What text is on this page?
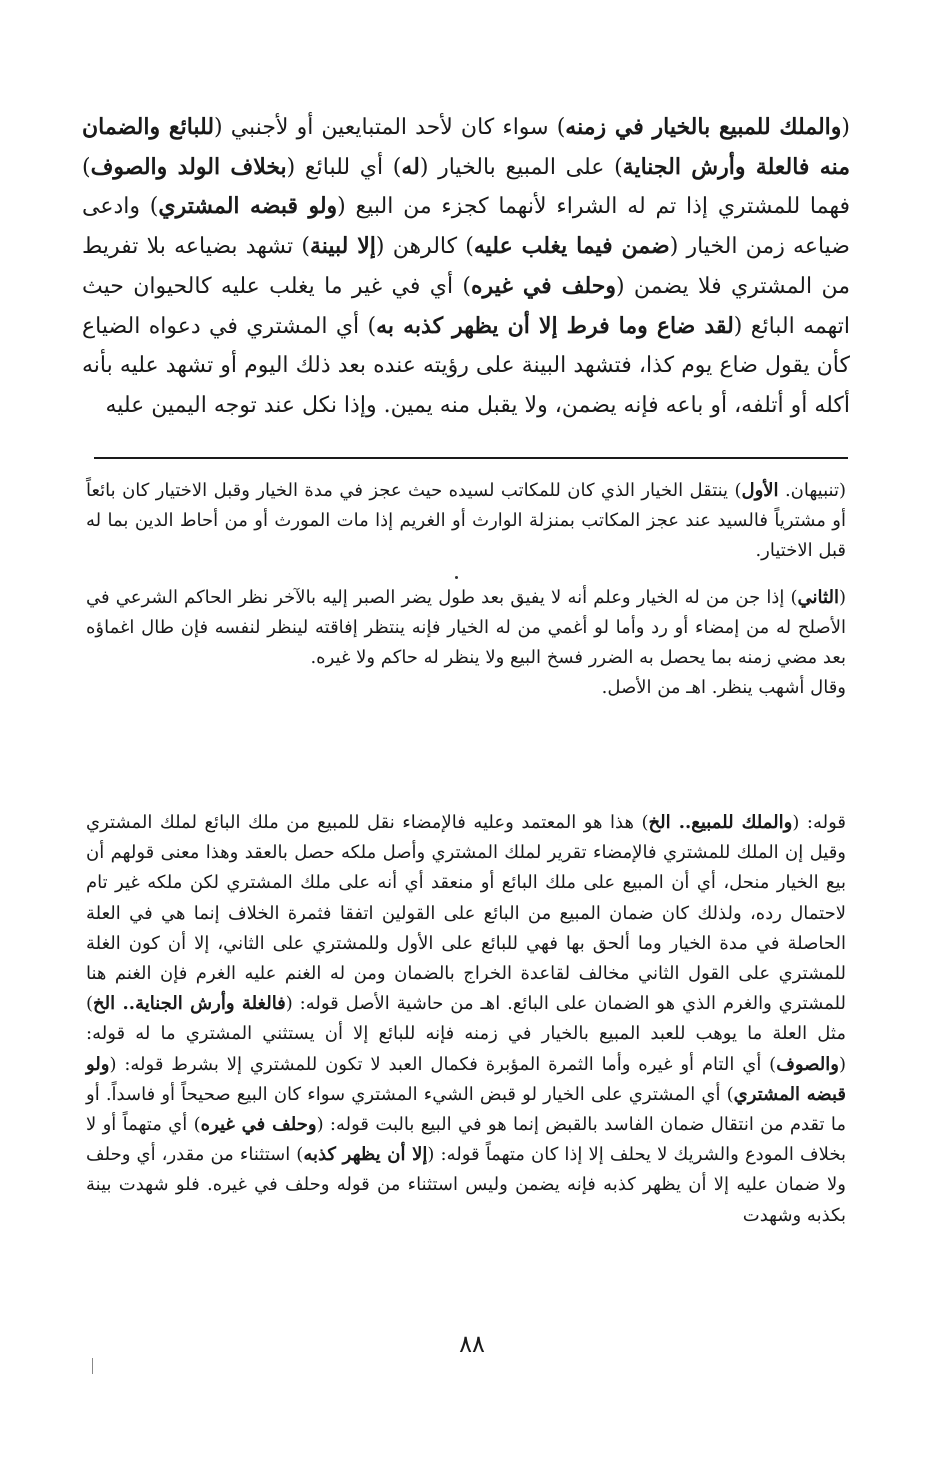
(والملك للمبيع بالخيار في زمنه) سواء كان لأحد المتبايعين أو لأجنبي (للبائع والضمان منه فالعلة وأرش الجناية) على المبيع بالخيار (له) أي للبائع (بخلاف الولد والصوف) فهما للمشتري إذا تم له الشراء لأنهما كجزء من البيع (ولو قبضه المشتري) وادعى ضياعه زمن الخيار (ضمن فيما يغلب عليه) كالرهن (إلا لبينة) تشهد بضياعه بلا تفريط من المشتري فلا يضمن (وحلف في غيره) أي في غير ما يغلب عليه كالحيوان حيث اتهمه البائع (لقد ضاع وما فرط إلا أن يظهر كذبه به) أي المشتري في دعواه الضياع كأن يقول ضاع يوم كذا، فتشهد البينة على رؤيته عنده بعد ذلك اليوم أو تشهد عليه بأنه أكله أو أتلفه، أو باعه فإنه يضمن، ولا يقبل منه يمين. وإذا نكل عند توجه اليمين عليه

(تنبيهان. الأول) ينتقل الخيار الذي كان للمكاتب لسيده حيث عجز في مدة الخيار وقبل الاختيار كان بائعاً أو مشترياً فالسيد عند عجز المكاتب بمنزلة الوارث أو الغريم إذا مات المورث أو من أحاط الدين بما له قبل الاختيار.

(الثاني) إذا جن من له الخيار وعلم أنه لا يفيق بعد طول يضر الصبر إليه بالآخر نظر الحاكم الشرعي في الأصلح له من إمضاء أو رد وأما لو أغمي من له الخيار فإنه ينتظر إفاقته لينظر لنفسه فإن طال اغماؤه بعد مضي زمنه بما يحصل به الضرر فسخ البيع ولا ينظر له حاكم ولا غيره.
وقال أشهب ينظر. اهـ من الأصل.

قوله: (والملك للمبيع.. الخ) هذا هو المعتمد وعليه فالإمضاء نقل للمبيع من ملك البائع لملك المشتري وقيل إن الملك للمشتري فالإمضاء تقرير لملك المشتري وأصل ملكه حصل بالعقد وهذا معنى قولهم أن بيع الخيار منحل، أي أن المبيع على ملك البائع أو منعقد أي أنه على ملك المشتري لكن ملكه غير تام لاحتمال رده، ولذلك كان ضمان المبيع من البائع على القولين اتفقا فثمرة الخلاف إنما هي في العلة الحاصلة في مدة الخيار وما ألحق بها فهي للبائع على الأول وللمشتري على الثاني، إلا أن كون الغلة للمشتري على القول الثاني مخالف لقاعدة الخراج بالضمان ومن له الغنم عليه الغرم فإن الغنم هنا للمشتري والغرم الذي هو الضمان على البائع. اهـ من حاشية الأصل قوله: (فالغلة وأرش الجناية.. الخ) مثل العلة ما يوهب للعبد المبيع بالخيار في زمنه فإنه للبائع إلا أن يستثني المشتري ما له قوله: (والصوف) أي التام أو غيره وأما الثمرة المؤبرة فكمال العبد لا تكون للمشتري إلا بشرط قوله: (ولو قبضه المشتري) أي المشتري على الخيار لو قبض الشيء المشتري سواء كان البيع صحيحاً أو فاسداً. أو ما تقدم من انتقال ضمان الفاسد بالقبض إنما هو في البيع بالبت قوله: (وحلف في غيره) أي متهماً أو لا بخلاف المودع والشريك لا يحلف إلا إذا كان متهماً قوله: (إلا أن يظهر كذبه) استثناء من مقدر، أي وحلف ولا ضمان عليه إلا أن يظهر كذبه فإنه يضمن وليس استثناء من قوله وحلف في غيره. فلو شهدت بينة بكذبه وشهدت

٨٨
